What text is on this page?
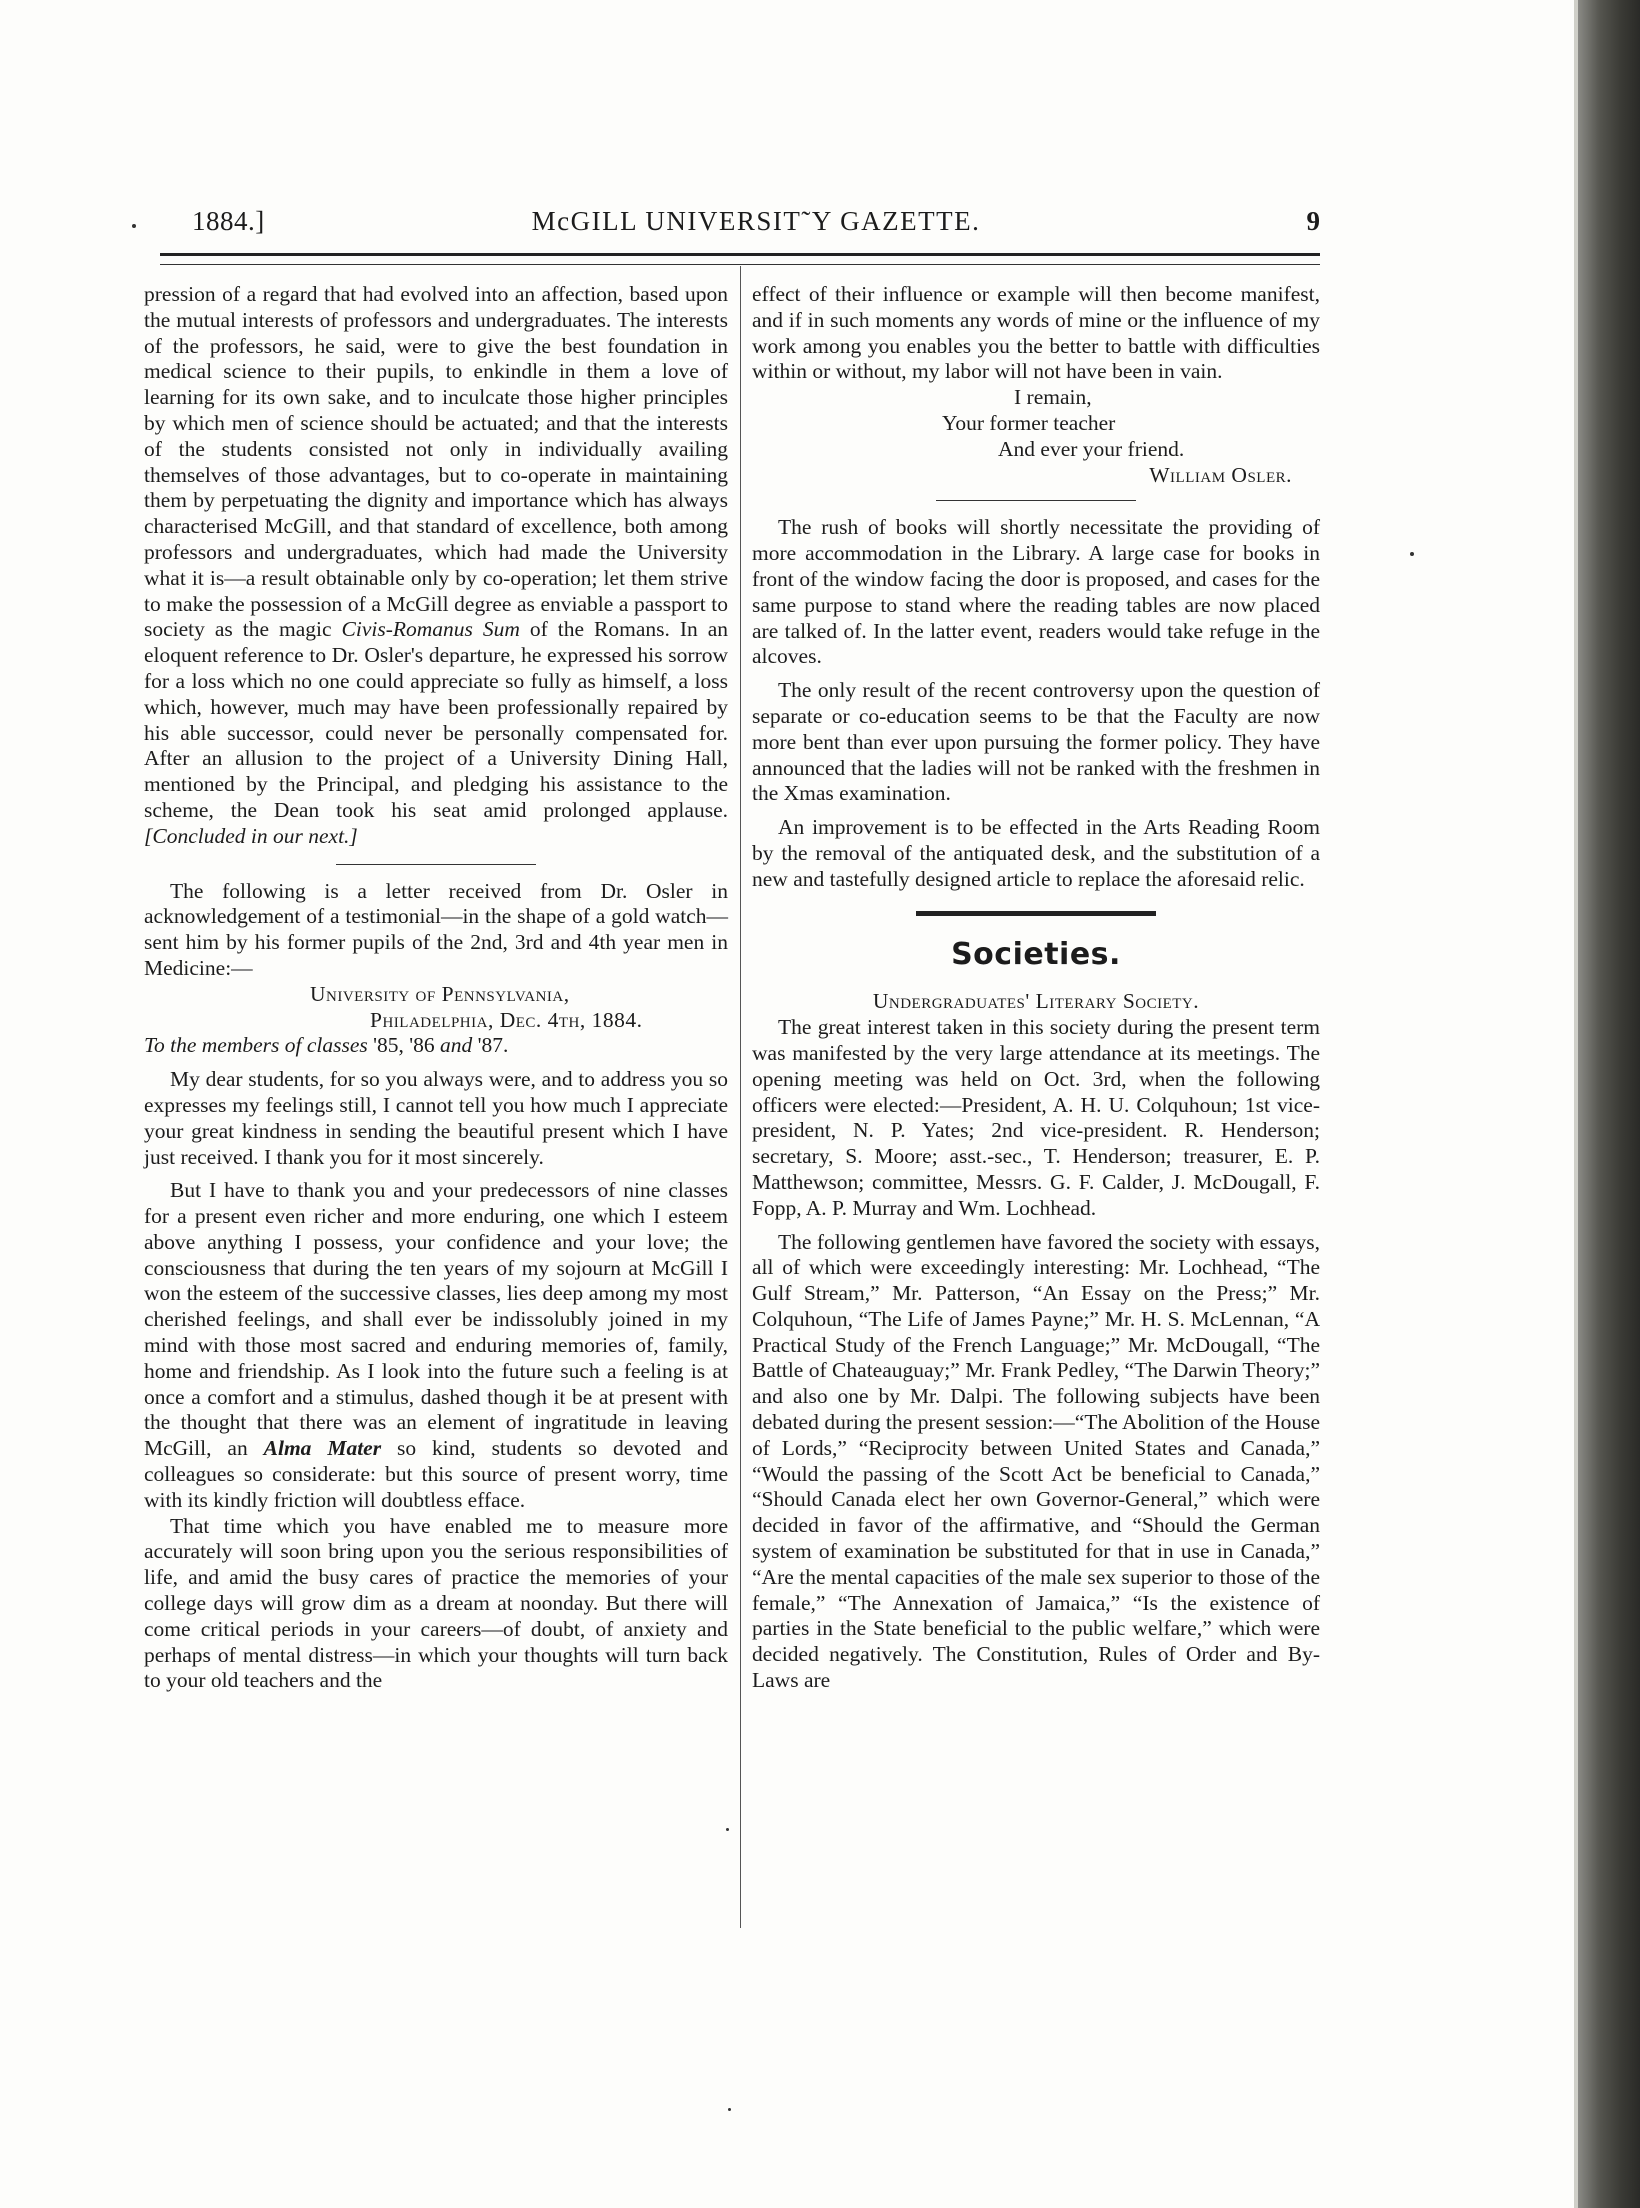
1884.]	McGILL UNIVERSIT˜Y GAZETTE.	9

pression of a regard that had evolved into an affection, based upon the mutual interests of professors and undergraduates. The interests of the professors, he said, were to give the best foundation in medical science to their pupils, to enkindle in them a love of learning for its own sake, and to inculcate those higher principles by which men of science should be actuated; and that the interests of the students consisted not only in individually availing themselves of those advantages, but to co-operate in maintaining them by perpetuating the dignity and importance which has always characterised McGill, and that standard of excellence, both among professors and undergraduates, which had made the University what it is—a result obtainable only by co-operation; let them strive to make the possession of a McGill degree as enviable a passport to society as the magic Civis-Romanus Sum of the Romans. In an eloquent reference to Dr. Osler's departure, he expressed his sorrow for a loss which no one could appreciate so fully as himself, a loss which, however, much may have been professionally repaired by his able successor, could never be personally compensated for. After an allusion to the project of a University Dining Hall, mentioned by the Principal, and pledging his assistance to the scheme, the Dean took his seat amid prolonged applause. [Concluded in our next.]

The following is a letter received from Dr. Osler in acknowledgement of a testimonial—in the shape of a gold watch—sent him by his former pupils of the 2nd, 3rd and 4th year men in Medicine:—

University of Pennsylvania,

Philadelphia, Dec. 4th, 1884.

To the members of classes '85, '86 and '87.

My dear students, for so you always were, and to address you so expresses my feelings still, I cannot tell you how much I appreciate your great kindness in sending the beautiful present which I have just received. I thank you for it most sincerely.

But I have to thank you and your predecessors of nine classes for a present even richer and more enduring, one which I esteem above anything I possess, your confidence and your love; the consciousness that during the ten years of my sojourn at McGill I won the esteem of the successive classes, lies deep among my most cherished feelings, and shall ever be indissolubly joined in my mind with those most sacred and enduring memories of, family, home and friendship. As I look into the future such a feeling is at once a comfort and a stimulus, dashed though it be at present with the thought that there was an element of ingratitude in leaving McGill, an Alma Mater so kind, students so devoted and colleagues so considerate: but this source of present worry, time with its kindly friction will doubtless efface.

That time which you have enabled me to measure more accurately will soon bring upon you the serious responsibilities of life, and amid the busy cares of practice the memories of your college days will grow dim as a dream at noonday. But there will come critical periods in your careers—of doubt, of anxiety and perhaps of mental distress—in which your thoughts will turn back to your old teachers and the

effect of their influence or example will then become manifest, and if in such moments any words of mine or the influence of my work among you enables you the better to battle with difficulties within or without, my labor will not have been in vain.

I remain,

Your former teacher

And ever your friend.

William Osler.

The rush of books will shortly necessitate the providing of more accommodation in the Library. A large case for books in front of the window facing the door is proposed, and cases for the same purpose to stand where the reading tables are now placed are talked of. In the latter event, readers would take refuge in the alcoves.

The only result of the recent controversy upon the question of separate or co-education seems to be that the Faculty are now more bent than ever upon pursuing the former policy. They have announced that the ladies will not be ranked with the freshmen in the Xmas examination.

An improvement is to be effected in the Arts Reading Room by the removal of the antiquated desk, and the substitution of a new and tastefully designed article to replace the aforesaid relic.

Societies.

Undergraduates' Literary Society.

The great interest taken in this society during the present term was manifested by the very large attendance at its meetings. The opening meeting was held on Oct. 3rd, when the following officers were elected:—President, A. H. U. Colquhoun; 1st vice-president, N. P. Yates; 2nd vice-president. R. Henderson; secretary, S. Moore; asst.-sec., T. Henderson; treasurer, E. P. Matthewson; committee, Messrs. G. F. Calder, J. McDougall, F. Fopp, A. P. Murray and Wm. Lochhead.

The following gentlemen have favored the society with essays, all of which were exceedingly interesting: Mr. Lochhead, “The Gulf Stream,” Mr. Patterson, “An Essay on the Press;” Mr. Colquhoun, “The Life of James Payne;” Mr. H. S. McLennan, “A Practical Study of the French Language;” Mr. McDougall, “The Battle of Chateauguay;” Mr. Frank Pedley, “The Darwin Theory;” and also one by Mr. Dalpi. The following subjects have been debated during the present session:—“The Abolition of the House of Lords,” “Reciprocity between United States and Canada,” “Would the passing of the Scott Act be beneficial to Canada,” “Should Canada elect her own Governor-General,” which were decided in favor of the affirmative, and “Should the German system of examination be substituted for that in use in Canada,” “Are the mental capacities of the male sex superior to those of the female,” “The Annexation of Jamaica,” “Is the existence of parties in the State beneficial to the public welfare,” which were decided negatively. The Constitution, Rules of Order and By-Laws are
